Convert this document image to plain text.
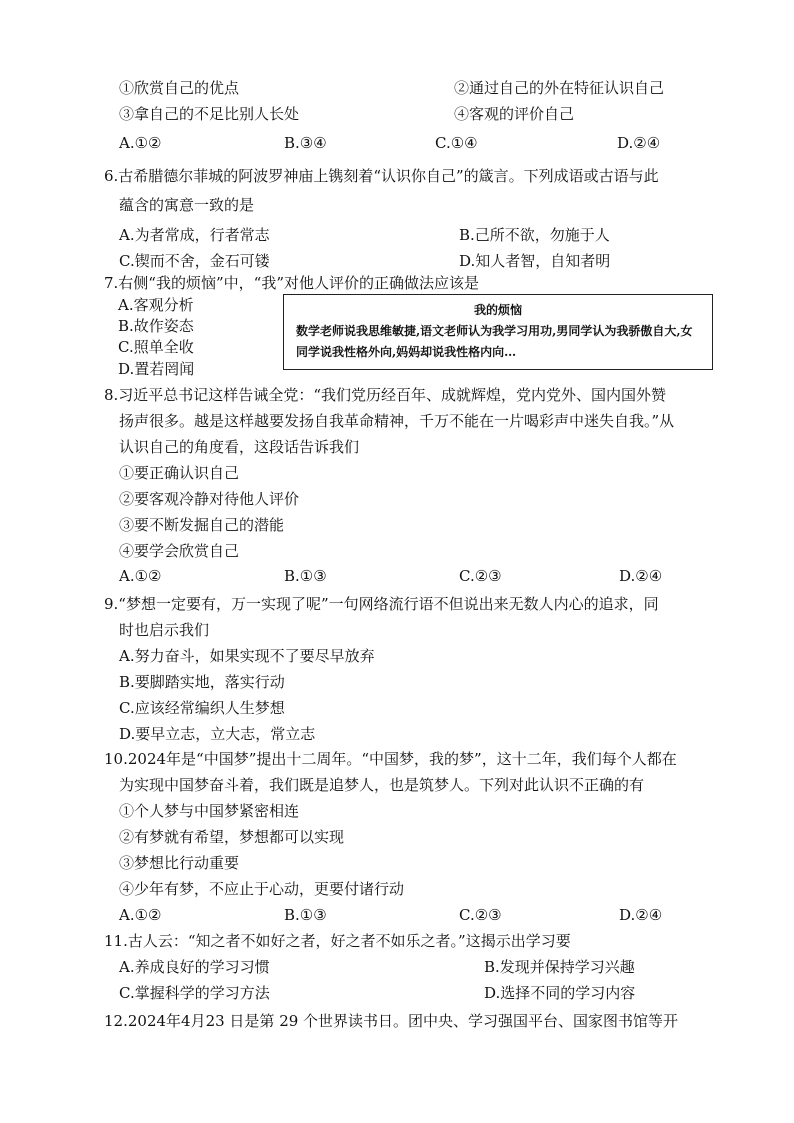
①欣赏自己的优点	②通过自己的外在特征认识自己
③拿自己的不足比别人长处	④客观的评价自己
A.①②	B.③④	C.①④	D.②④
6.古希腊德尔菲城的阿波罗神庙上镌刻着“认识你自己”的箴言。下列成语或古语与此
蕴含的寓意一致的是
A.为者常成，行者常志	B.己所不欲，勿施于人
C.锲而不舍，金石可镂	D.知人者智，自知者明
7.右侧“我的烦恼”中，“我”对他人评价的正确做法应该是
A.客观分析
B.故作姿态
C.照单全收
D.置若罔闻
我的烦恼
数学老师说我思维敏捷,语文老师认为我学习用功,男同学认为我骄傲自大,女同学说我性格外向,妈妈却说我性格内向…
8.习近平总书记这样告诫全党：“我们党历经百年、成就辉煌，党内党外、国内国外赞
扬声很多。越是这样越要发扬自我革命精神，千万不能在一片喝彩声中迷失自我。”从
认识自己的角度看，这段话告诉我们
①要正确认识自己
②要客观冷静对待他人评价
③要不断发掘自己的潜能
④要学会欣赏自己
A.①②	B.①③	C.②③	D.②④
9.“梦想一定要有，万一实现了呢”一句网络流行语不但说出来无数人内心的追求，同
时也启示我们
A.努力奋斗，如果实现不了要尽早放弃
B.要脚踏实地，落实行动
C.应该经常编织人生梦想
D.要早立志，立大志，常立志
10.2024年是“中国梦”提出十二周年。“中国梦，我的梦”，这十二年，我们每个人都在
为实现中国梦奋斗着，我们既是追梦人，也是筑梦人。下列对此认识不正确的有
①个人梦与中国梦紧密相连
②有梦就有希望，梦想都可以实现
③梦想比行动重要
④少年有梦，不应止于心动，更要付诸行动
A.①②	B.①③	C.②③	D.②④
11.古人云：“知之者不如好之者，好之者不如乐之者。”这揭示出学习要
A.养成良好的学习习惯	B.发现并保持学习兴趣
C.掌握科学的学习方法	D.选择不同的学习内容
12.2024年4月23 日是第 29 个世界读书日。团中央、学习强国平台、国家图书馆等开
